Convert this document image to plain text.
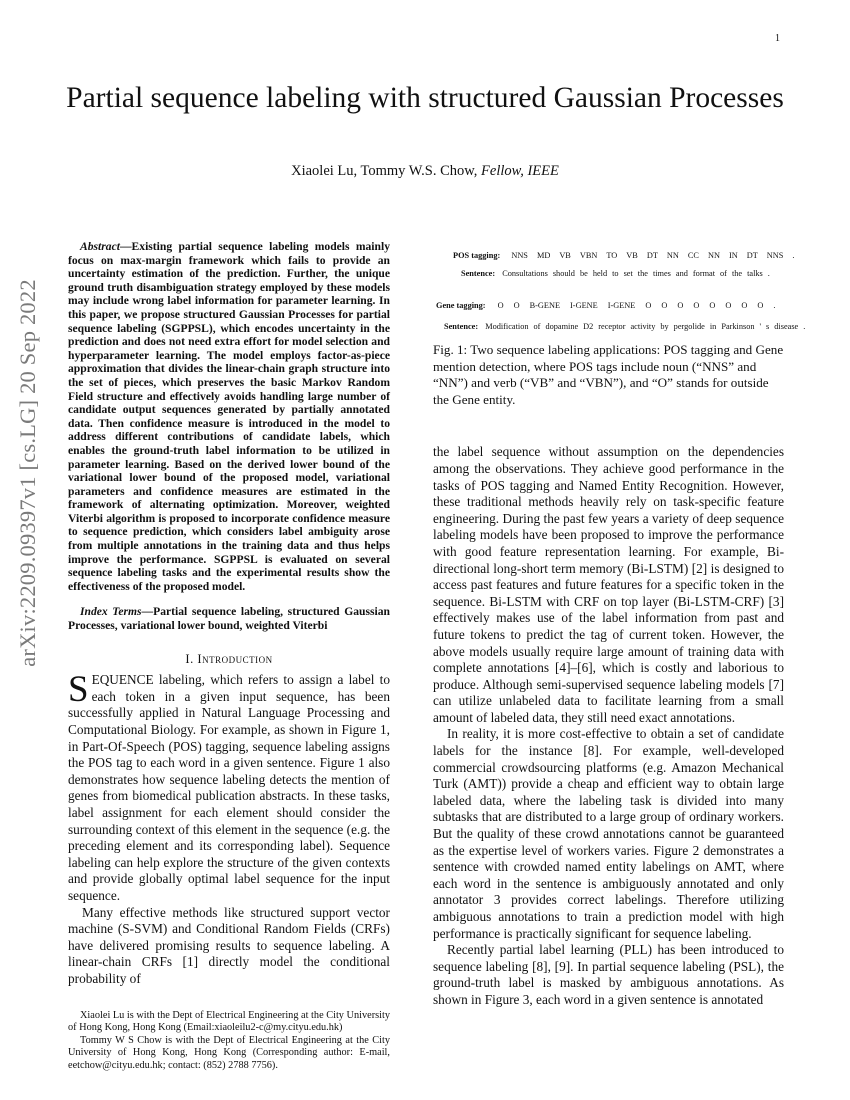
1
arXiv:2209.09397v1 [cs.LG] 20 Sep 2022
Partial sequence labeling with structured Gaussian Processes
Xiaolei Lu, Tommy W.S. Chow, Fellow, IEEE
Abstract—Existing partial sequence labeling models mainly focus on max-margin framework which fails to provide an uncertainty estimation of the prediction. Further, the unique ground truth disambiguation strategy employed by these models may include wrong label information for parameter learning. In this paper, we propose structured Gaussian Processes for partial sequence labeling (SGPPSL), which encodes uncertainty in the prediction and does not need extra effort for model selection and hyperparameter learning. The model employs factor-as-piece approximation that divides the linear-chain graph structure into the set of pieces, which preserves the basic Markov Random Field structure and effectively avoids handling large number of candidate output sequences generated by partially annotated data. Then confidence measure is introduced in the model to address different contributions of candidate labels, which enables the ground-truth label information to be utilized in parameter learning. Based on the derived lower bound of the variational lower bound of the proposed model, variational parameters and confidence measures are estimated in the framework of alternating optimization. Moreover, weighted Viterbi algorithm is proposed to incorporate confidence measure to sequence prediction, which considers label ambiguity arose from multiple annotations in the training data and thus helps improve the performance. SGPPSL is evaluated on several sequence labeling tasks and the experimental results show the effectiveness of the proposed model.
Index Terms—Partial sequence labeling, structured Gaussian Processes, variational lower bound, weighted Viterbi
I. Introduction

SEQUENCE labeling, which refers to assign a label to each token in a given input sequence, has been successfully applied in Natural Language Processing and Computational Biology. For example, as shown in Figure 1, in Part-Of-Speech (POS) tagging, sequence labeling assigns the POS tag to each word in a given sentence. Figure 1 also demonstrates how sequence labeling detects the mention of genes from biomedical publication abstracts. In these tasks, label assignment for each element should consider the surrounding context of this element in the sequence (e.g. the preceding element and its corresponding label). Sequence labeling can help explore the structure of the given contexts and provide globally optimal label sequence for the input sequence.

Many effective methods like structured support vector machine (S-SVM) and Conditional Random Fields (CRFs) have delivered promising results to sequence labeling. A linear-chain CRFs [1] directly model the conditional probability of

Xiaolei Lu is with the Dept of Electrical Engineering at the City University of Hong Kong, Hong Kong (Email:xiaoleilu2-c@my.cityu.edu.hk)

Tommy W S Chow is with the Dept of Electrical Engineering at the City University of Hong Kong, Hong Kong (Corresponding author: E-mail, eetchow@cityu.edu.hk; contact: (852) 2788 7756).

POS tagging: NNS MD VB VBN TO VB DT NN CC NN IN DT NNS .
Sentence: Consultations should be held to set the times and format of the talks .
Gene tagging: O O B-GENE I-GENE I-GENE O O O O O O O O .
Sentence: Modification of dopamine D2 receptor activity by pergolide in Parkinson ' s disease .
Fig. 1: Two sequence labeling applications: POS tagging and Gene mention detection, where POS tags include noun (“NNS” and “NN”) and verb (“VB” and “VBN”), and “O” stands for outside the Gene entity.

the label sequence without assumption on the dependencies among the observations. They achieve good performance in the tasks of POS tagging and Named Entity Recognition. However, these traditional methods heavily rely on task-specific feature engineering. During the past few years a variety of deep sequence labeling models have been proposed to improve the performance with good feature representation learning. For example, Bi-directional long-short term memory (Bi-LSTM) [2] is designed to access past features and future features for a specific token in the sequence. Bi-LSTM with CRF on top layer (Bi-LSTM-CRF) [3] effectively makes use of the label information from past and future tokens to predict the tag of current token. However, the above models usually require large amount of training data with complete annotations [4]–[6], which is costly and laborious to produce. Although semi-supervised sequence labeling models [7] can utilize unlabeled data to facilitate learning from a small amount of labeled data, they still need exact annotations.

In reality, it is more cost-effective to obtain a set of candidate labels for the instance [8]. For example, well-developed commercial crowdsourcing platforms (e.g. Amazon Mechanical Turk (AMT)) provide a cheap and efficient way to obtain large labeled data, where the labeling task is divided into many subtasks that are distributed to a large group of ordinary workers. But the quality of these crowd annotations cannot be guaranteed as the expertise level of workers varies. Figure 2 demonstrates a sentence with crowded named entity labelings on AMT, where each word in the sentence is ambiguously annotated and only annotator 3 provides correct labelings. Therefore utilizing ambiguous annotations to train a prediction model with high performance is practically significant for sequence labeling.

Recently partial label learning (PLL) has been introduced to sequence labeling [8], [9]. In partial sequence labeling (PSL), the ground-truth label is masked by ambiguous annotations. As shown in Figure 3, each word in a given sentence is annotated
